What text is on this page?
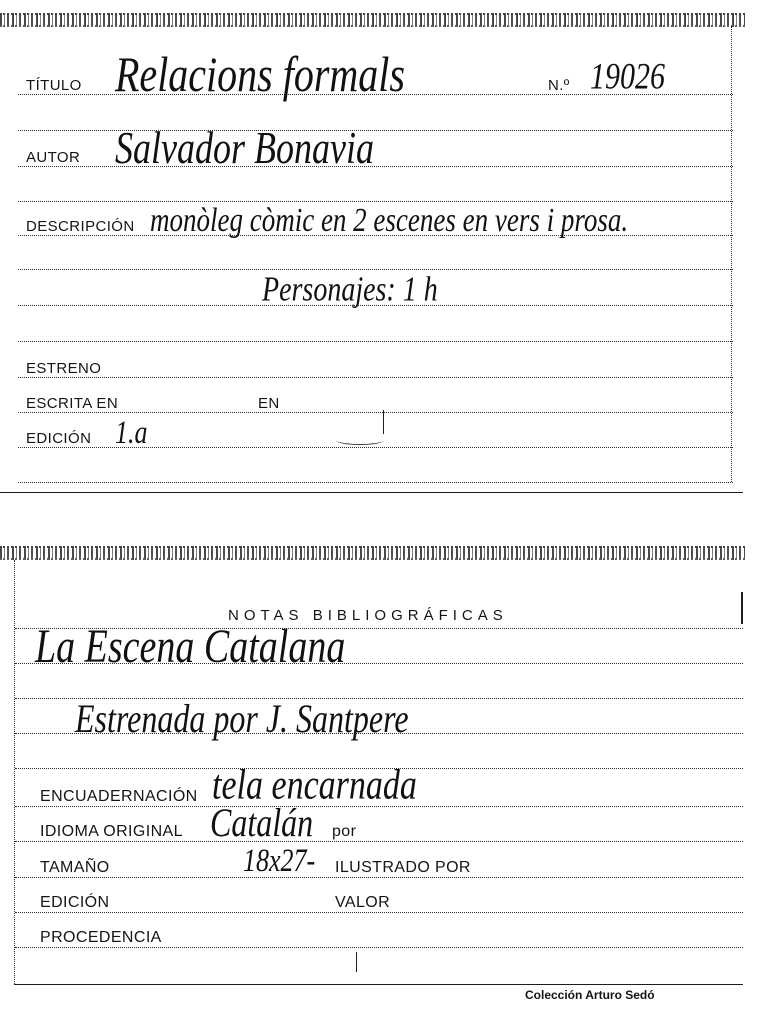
TÍTULO Relacions formals	N.º 19026
AUTOR Salvador Bonavia
DESCRIPCIÓN monòleg còmic en 2 escenes en vers i prosa.
Personajes: 1 h
ESTRENO
ESCRITA EN	EN
EDICIÓN 1.a
NOTAS BIBLIOGRÁFICAS
La Escena Catalana
Estrenada por J. Santpere
ENCUADERNACIÓN tela encarnada
IDIOMA ORIGINAL Catalán por
TAMAÑO	18x27- ILUSTRADO POR
EDICIÓN	VALOR
PROCEDENCIA
Colección Arturo Sedó
